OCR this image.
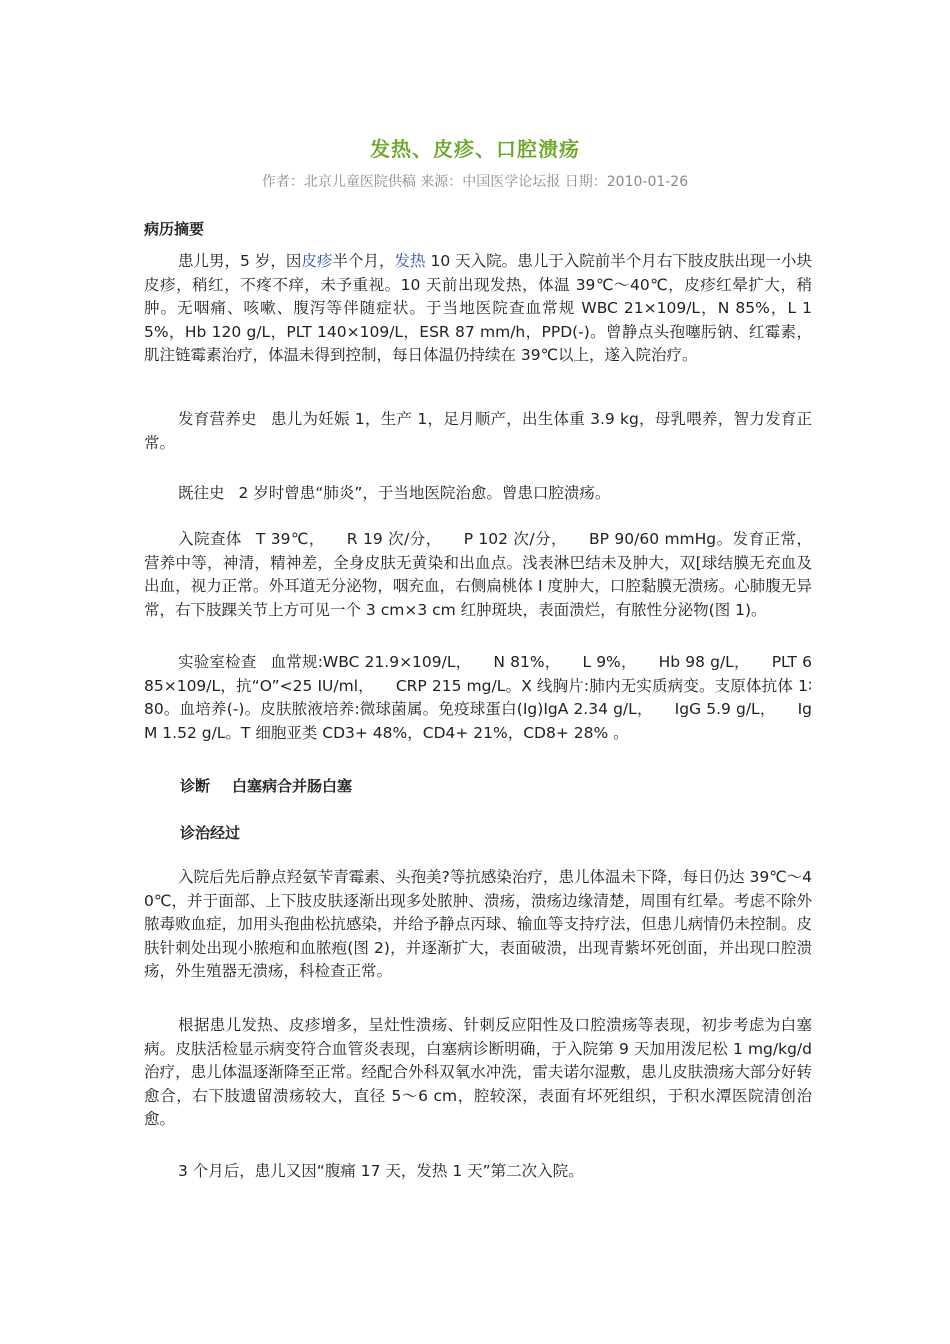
发热、皮疹、口腔溃疡
作者：北京儿童医院供稿 来源：中国医学论坛报 日期：2010-01-26
病历摘要

患儿男，5 岁，因皮疹半个月，发热 10 天入院。患儿于入院前半个月右下肢皮肤出现一小块皮疹，稍红，不疼不痒，未予重视。10 天前出现发热，体温 39℃～40℃，皮疹红晕扩大，稍肿。无咽痛、咳嗽、腹泻等伴随症状。于当地医院查血常规 WBC 21×109/L，N 85%，L 15%，Hb 120 g/L，PLT 140×109/L，ESR 87 mm/h，PPD(-)。曾静点头孢噻肟钠、红霉素，肌注链霉素治疗，体温未得到控制，每日体温仍持续在 39℃以上，遂入院治疗。

发育营养史 患儿为妊娠 1，生产 1，足月顺产，出生体重 3.9 kg，母乳喂养，智力发育正常。

既往史 2 岁时曾患“肺炎”，于当地医院治愈。曾患口腔溃疡。

入院查体 T 39℃， R 19 次/分， P 102 次/分， BP 90/60 mmHg。发育正常，营养中等，神清，精神差，全身皮肤无黄染和出血点。浅表淋巴结未及肿大，双[球结膜无充血及出血，视力正常。外耳道无分泌物，咽充血，右侧扁桃体 I 度肿大，口腔黏膜无溃疡。心肺腹无异常，右下肢踝关节上方可见一个 3 cm×3 cm 红肿斑块，表面溃烂，有脓性分泌物(图 1)。

实验室检查 血常规:WBC 21.9×109/L， N 81%， L 9%， Hb 98 g/L， PLT 685×109/L，抗“O”<25 IU/ml， CRP 215 mg/L。X 线胸片:肺内无实质病变。支原体抗体 1∶80。血培养(-)。皮肤脓液培养:微球菌属。免疫球蛋白(Ig)IgA 2.34 g/L， IgG 5.9 g/L， IgM 1.52 g/L。T 细胞亚类 CD3+ 48%，CD4+ 21%，CD8+ 28% 。

诊断 白塞病合并肠白塞
诊治经过

入院后先后静点羟氨苄青霉素、头孢美?等抗感染治疗，患儿体温未下降，每日仍达 39℃～40℃，并于面部、上下肢皮肤逐渐出现多处脓肿、溃疡，溃疡边缘清楚，周围有红晕。考虑不除外脓毒败血症，加用头孢曲松抗感染，并给予静点丙球、输血等支持疗法，但患儿病情仍未控制。皮肤针刺处出现小脓疱和血脓疱(图 2)，并逐渐扩大，表面破溃，出现青紫坏死创面，并出现口腔溃疡，外生殖器无溃疡，科检查正常。

根据患儿发热、皮疹增多，呈灶性溃疡、针刺反应阳性及口腔溃疡等表现，初步考虑为白塞病。皮肤活检显示病变符合血管炎表现，白塞病诊断明确，于入院第 9 天加用泼尼松 1 mg/kg/d 治疗，患儿体温逐渐降至正常。经配合外科双氧水冲洗，雷夫诺尔湿敷，患儿皮肤溃疡大部分好转愈合，右下肢遗留溃疡较大，直径 5～6 cm，腔较深，表面有坏死组织，于积水潭医院清创治愈。

3 个月后，患儿又因“腹痛 17 天，发热 1 天”第二次入院。
